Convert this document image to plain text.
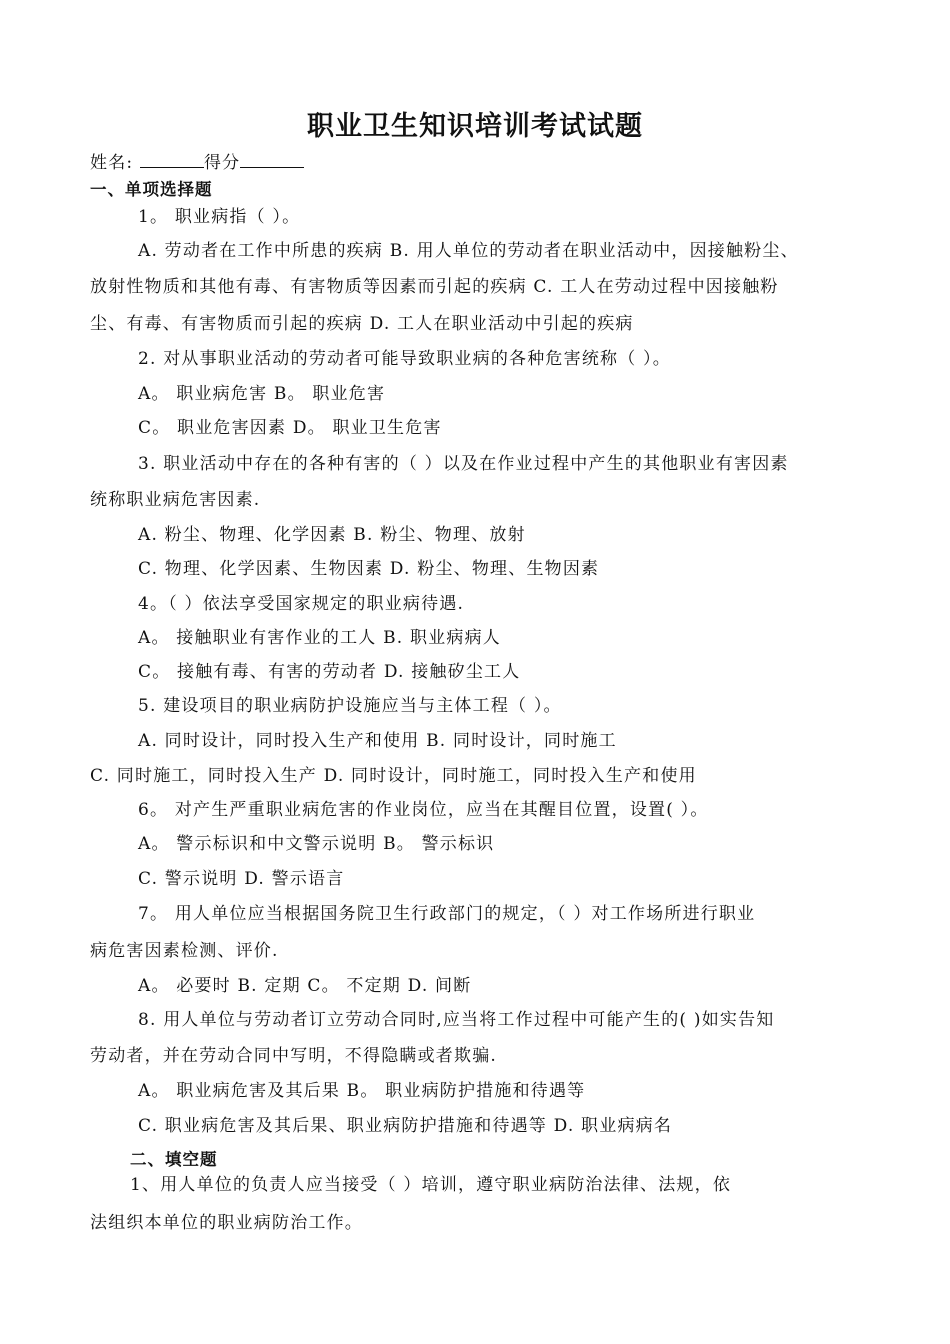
职业卫生知识培训考试试题
姓名:	得分
一、单项选择题
1。 职业病指（ ）。
A. 劳动者在工作中所患的疾病 B. 用人单位的劳动者在职业活动中，因接触粉尘、
放射性物质和其他有毒、有害物质等因素而引起的疾病 C. 工人在劳动过程中因接触粉
尘、有毒、有害物质而引起的疾病 D. 工人在职业活动中引起的疾病
2. 对从事职业活动的劳动者可能导致职业病的各种危害统称（ ）。
A。 职业病危害 B。 职业危害
C。 职业危害因素 D。 职业卫生危害
3. 职业活动中存在的各种有害的（ ）以及在作业过程中产生的其他职业有害因素
统称职业病危害因素.
A. 粉尘、物理、化学因素 B. 粉尘、物理、放射
C. 物理、化学因素、生物因素 D. 粉尘、物理、生物因素
4。（ ）依法享受国家规定的职业病待遇.
A。 接触职业有害作业的工人 B. 职业病病人
C。 接触有毒、有害的劳动者 D. 接触矽尘工人
5. 建设项目的职业病防护设施应当与主体工程（ ）。
A. 同时设计，同时投入生产和使用 B. 同时设计，同时施工
C. 同时施工，同时投入生产 D. 同时设计，同时施工，同时投入生产和使用
6。 对产生严重职业病危害的作业岗位，应当在其醒目位置，设置( ）。
A。 警示标识和中文警示说明 B。 警示标识
C. 警示说明 D. 警示语言
7。 用人单位应当根据国务院卫生行政部门的规定，（ ）对工作场所进行职业
病危害因素检测、评价.
A。 必要时 B. 定期 C。 不定期 D. 间断
8. 用人单位与劳动者订立劳动合同时,应当将工作过程中可能产生的( )如实告知
劳动者，并在劳动合同中写明，不得隐瞒或者欺骗.
A。 职业病危害及其后果 B。 职业病防护措施和待遇等
C. 职业病危害及其后果、职业病防护措施和待遇等 D. 职业病病名
二、填空题
1、用人单位的负责人应当接受（ ）培训，遵守职业病防治法律、法规，依
法组织本单位的职业病防治工作。
